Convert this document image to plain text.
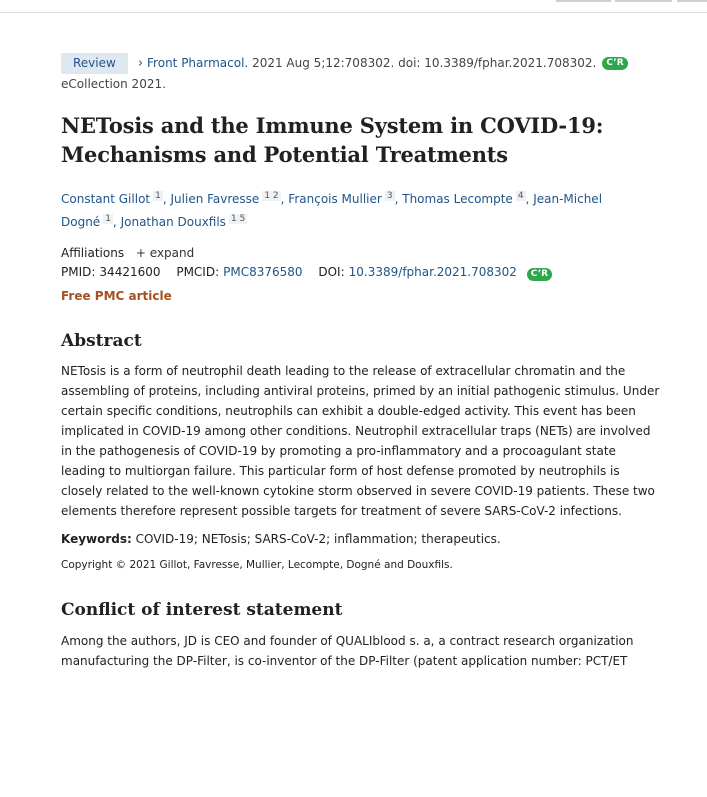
Review	› Front Pharmacol.
2021 Aug 5;12:708302. doi: 10.3389/fphar.2021.708302.	C’R
eCollection 2021.
NETosis and the Immune System in COVID-19: Mechanisms and Potential Treatments
Constant Gillot $^1$ , Julien Favresse $^{1 2}$ , François Mullier $^3$ , Thomas Lecompte $^4$ , Jean-Michel Dogné $^1$ , Jonathan Douxfils $^{1 5}$
Affiliations + expand
PMID: 34421600 PMCID: PMC8376580 DOI: 10.3389/fphar.2021.708302 C’R
Free PMC article
Abstract
NETosis is a form of neutrophil death leading to the release of extracellular chromatin and the assembling of proteins, including antiviral proteins, primed by an initial pathogenic stimulus. Under certain specific conditions, neutrophils can exhibit a double-edged activity. This event has been implicated in COVID-19 among other conditions. Neutrophil extracellular traps (NETs) are involved in the pathogenesis of COVID-19 by promoting a pro-inflammatory and a procoagulant state leading to multiorgan failure. This particular form of host defense promoted by neutrophils is closely related to the well-known cytokine storm observed in severe COVID-19 patients. These two elements therefore represent possible targets for treatment of severe SARS-CoV-2 infections.
Keywords: COVID-19; NETosis; SARS-CoV-2; inflammation; therapeutics.
Copyright © 2021 Gillot, Favresse, Mullier, Lecompte, Dogné and Douxfils.
Conflict of interest statement
Among the authors, JD is CEO and founder of QUALIblood s. a, a contract research organization manufacturing the DP-Filter, is co-inventor of the DP-Filter (patent application number: PCT/ET
